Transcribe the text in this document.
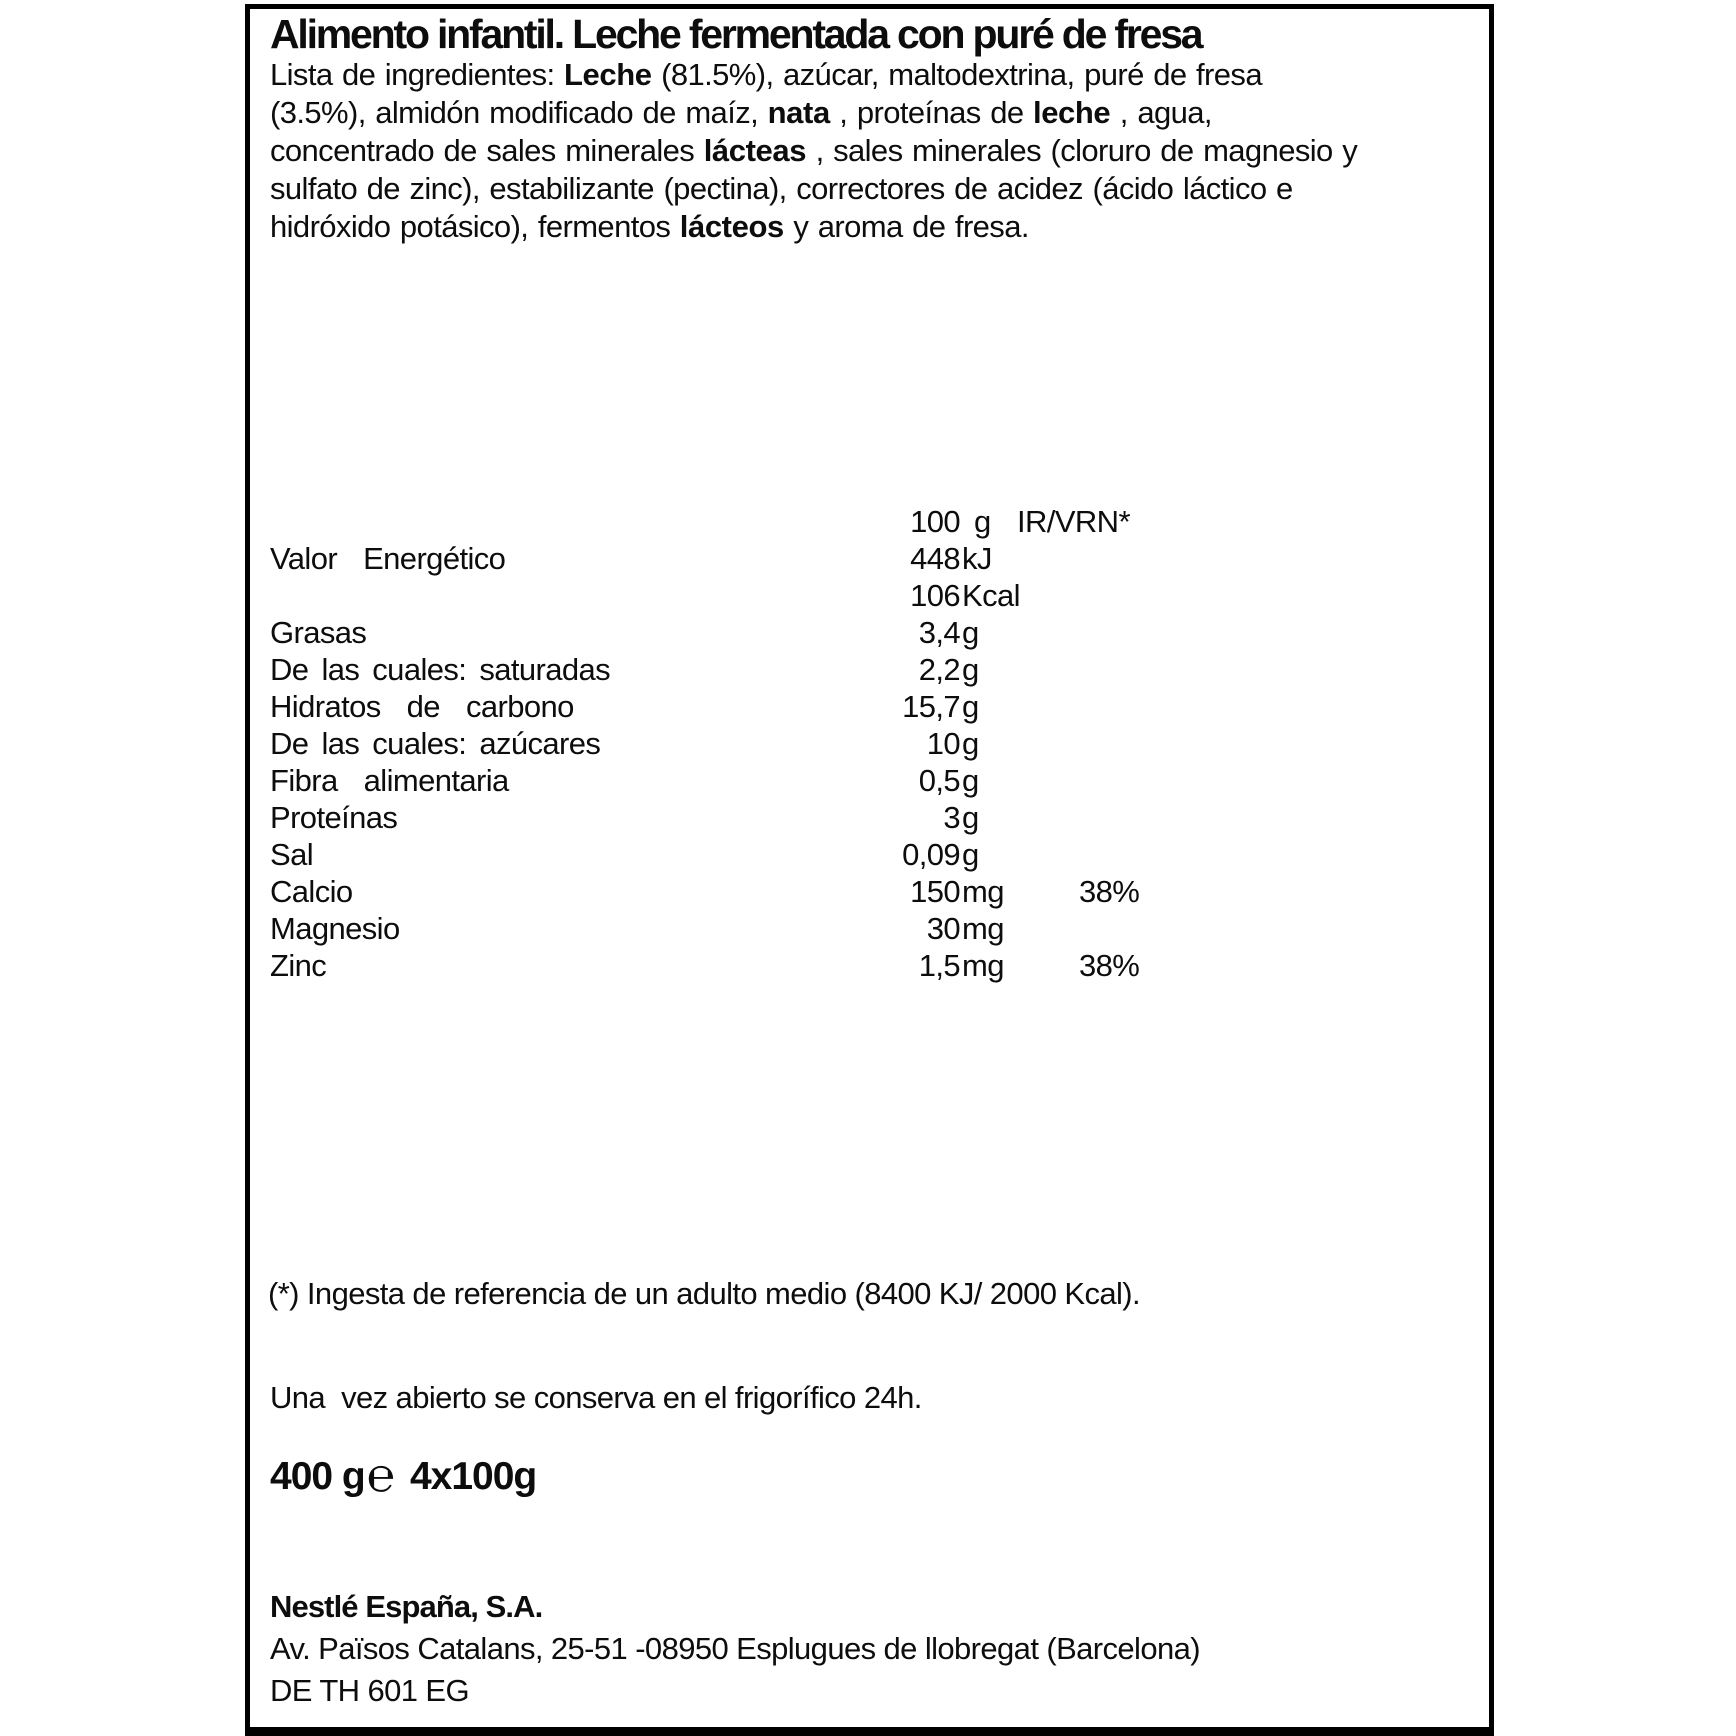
Alimento infantil. Leche fermentada con puré de fresa
Lista de ingredientes: Leche (81.5%), azúcar, maltodextrina, puré de fresa
(3.5%), almidón modificado de maíz, nata , proteínas de leche , agua,
concentrado de sales minerales lácteas , sales minerales (cloruro de magnesio y
sulfato de zinc), estabilizante (pectina), correctores de acidez (ácido láctico e
hidróxido potásico), fermentos lácteos y aroma de fresa.
100 g IR/VRN*
Valor  Energético	448 kJ
106 Kcal
Grasas	3,4 g
De las cuales: saturadas	2,2 g
Hidratos  de  carbono	15,7 g
De las cuales: azúcares	10 g
Fibra  alimentaria	0,5 g
Proteínas	3 g
Sal	0,09 g
Calcio	150 mg	38%
Magnesio	30 mg
Zinc	1,5 mg	38%

(*) Ingesta de referencia de un adulto medio (8400 KJ/ 2000 Kcal).

Una  vez abierto se conserva en el frigorífico 24h.

400 g℮ 4x100g

Nestlé España, S.A.

Av. Països Catalans, 25-51 -08950 Esplugues de llobregat (Barcelona)

DE TH 601 EG
